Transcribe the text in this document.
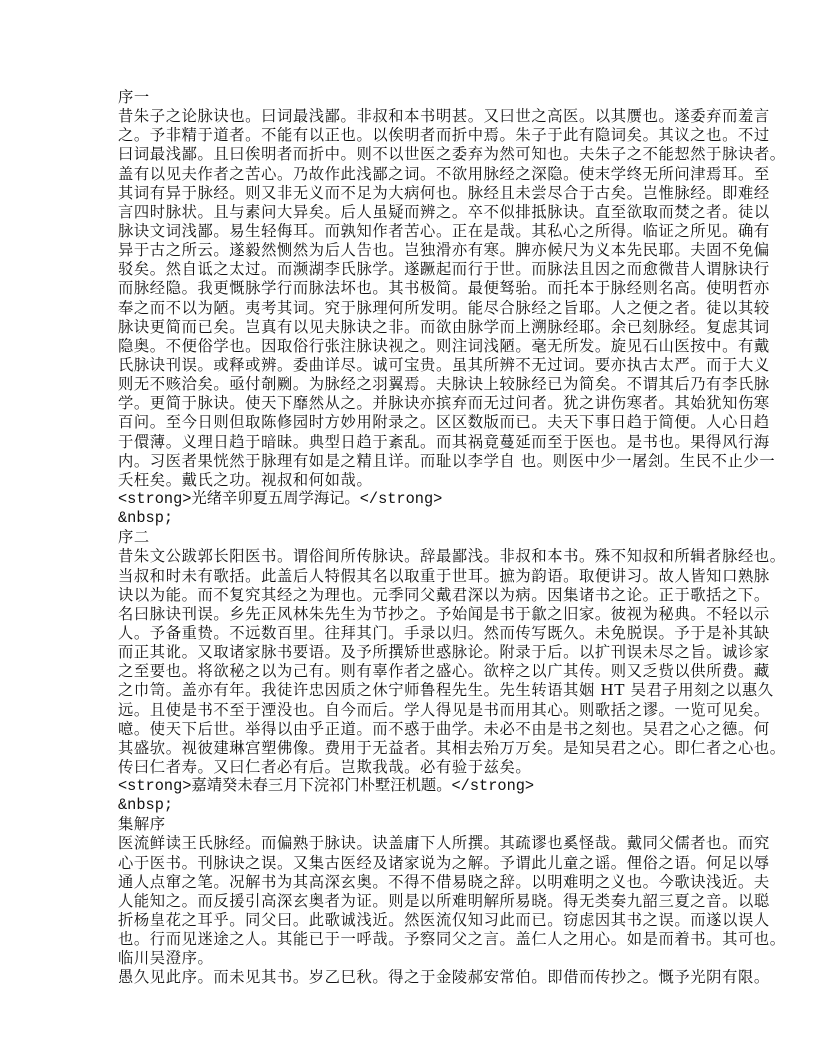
序一
昔朱子之论脉诀也。曰词最浅鄙。非叔和本书明甚。又曰世之高医。以其赝也。遂委弃而羞言
之。予非精于道者。不能有以正也。以俟明者而折中焉。朱子于此有隐词矣。其议之也。不过
曰词最浅鄙。且曰俟明者而折中。则不以世医之委弃为然可知也。夫朱子之不能恝然于脉诀者。
盖有以见夫作者之苦心。乃故作此浅鄙之词。不欲用脉经之深隐。使末学终无所问津焉耳。至
其词有异于脉经。则又非无义而不足为大病何也。脉经且未尝尽合于古矣。岂惟脉经。即难经
言四时脉状。且与素问大异矣。后人虽疑而辨之。卒不似排抵脉诀。直至欲取而焚之者。徒以
脉诀文词浅鄙。易生轻侮耳。而孰知作者苦心。正在是哉。其私心之所得。临证之所见。确有
异于古之所云。遂毅然恻然为后人告也。岂独滑亦有寒。脾亦候尺为义本先民耶。夫固不免偏
驳矣。然自诋之太过。而濒湖李氏脉学。遂蹶起而行于世。而脉法且因之而愈微昔人谓脉诀行
而脉经隐。我更慨脉学行而脉法坏也。其书极简。最便驽骀。而托本于脉经则名高。使明哲亦
奉之而不以为陋。夷考其词。究于脉理何所发明。能尽合脉经之旨耶。人之便之者。徒以其较
脉诀更简而已矣。岂真有以见夫脉诀之非。而欲由脉学而上溯脉经耶。余已刻脉经。复虑其词
隐奥。不便俗学也。因取俗行张注脉诀视之。则注词浅陋。毫无所发。旋见石山医按中。有戴
氏脉诀刊误。或释或辨。委曲详尽。诚可宝贵。虽其所辨不无过词。要亦执古太严。而于大义
则无不赅洽矣。亟付剞劂。为脉经之羽翼焉。夫脉诀上较脉经已为简矣。不谓其后乃有李氏脉
学。更简于脉诀。使天下靡然从之。并脉诀亦摈弃而无过问者。犹之讲伤寒者。其始犹知伤寒
百问。至今日则但取陈修园时方妙用附录之。区区数版而已。夫天下事日趋于简便。人心日趋
于儇薄。义理日趋于暗昧。典型日趋于紊乱。而其祸竟蔓延而至于医也。是书也。果得风行海
内。习医者果恍然于脉理有如是之精且详。而耻以李学自 也。则医中少一屠刽。生民不止少一
夭枉矣。戴氏之功。视叔和何如哉。
<strong>光绪辛卯夏五周学海记。</strong>
&nbsp;
序二
昔朱文公跋郭长阳医书。谓俗间所传脉诀。辞最鄙浅。非叔和本书。殊不知叔和所辑者脉经也。
当叔和时未有歌括。此盖后人特假其名以取重于世耳。摭为韵语。取便讲习。故人皆知口熟脉
诀以为能。而不复究其经之为理也。元季同父戴君深以为病。因集诸书之论。正于歌括之下。
名曰脉诀刊误。乡先正风林朱先生为节抄之。予始闻是书于歙之旧家。彼视为秘典。不轻以示
人。予备重贽。不远数百里。往拜其门。手录以归。然而传写既久。未免脱误。予于是补其缺
而正其讹。又取诸家脉书要语。及予所撰矫世惑脉论。附录于后。以扩刊误未尽之旨。诚诊家
之至要也。将欲秘之以为己有。则有辜作者之盛心。欲梓之以广其传。则又乏赀以供所费。藏
之巾笥。盖亦有年。我徒许忠因质之休宁师鲁程先生。先生转语其姻 HT 吴君子用刻之以惠久
远。且使是书不至于湮没也。自今而后。学人得见是书而用其心。则歌括之谬。一览可见矣。
噫。使天下后世。举得以由乎正道。而不惑于曲学。未必不由是书之刻也。吴君之心之德。何
其盛欤。视彼建琳宫塑佛像。费用于无益者。其相去殆万万矣。是知吴君之心。即仁者之心也。
传曰仁者寿。又曰仁者必有后。岂欺我哉。必有验于兹矣。
<strong>嘉靖癸未春三月下浣祁门朴墅汪机题。</strong>
&nbsp;
集解序
医流鲜读王氏脉经。而偏熟于脉诀。诀盖庸下人所撰。其疏谬也奚怪哉。戴同父儒者也。而究
心于医书。刊脉诀之误。又集古医经及诸家说为之解。予谓此儿童之谣。俚俗之语。何足以辱
通人点窜之笔。况解书为其高深玄奥。不得不借易晓之辞。以明难明之义也。今歌诀浅近。夫
人能知之。而反援引高深玄奥者为证。则是以所难明解所易晓。得无类奏九韶三夏之音。以聪
折杨皇花之耳乎。同父曰。此歌诚浅近。然医流仅知习此而已。窃虑因其书之误。而遂以误人
也。行而见迷途之人。其能已于一呼哉。予察同父之言。盖仁人之用心。如是而着书。其可也。
临川吴澄序。
愚久见此序。而未见其书。岁乙巳秋。得之于金陵郝安常伯。即借而传抄之。慨予光阴有限。
